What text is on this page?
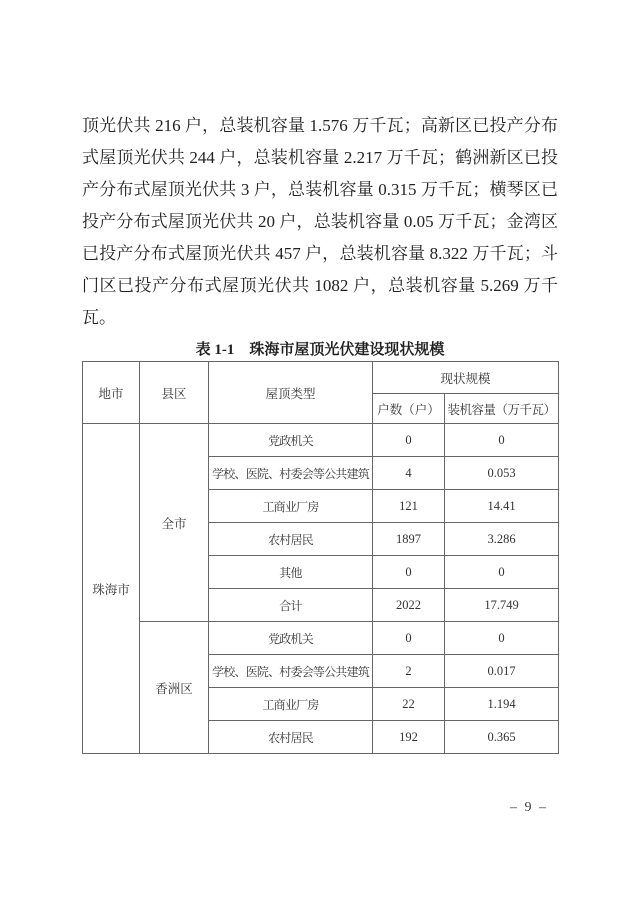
顶光伏共 216 户，总装机容量 1.576 万千瓦；高新区已投产分布
式屋顶光伏共 244 户，总装机容量 2.217 万千瓦；鹤洲新区已投
产分布式屋顶光伏共 3 户，总装机容量 0.315 万千瓦；横琴区已
投产分布式屋顶光伏共 20 户，总装机容量 0.05 万千瓦；金湾区
已投产分布式屋顶光伏共 457 户，总装机容量 8.322 万千瓦；斗
门区已投产分布式屋顶光伏共 1082 户，总装机容量 5.269 万千
瓦。
表 1-1　珠海市屋顶光伏建设现状规模
地市	县区	屋顶类型	现状规模	
			户数（户）	装机容量（万千瓦）
珠海市	全市	党政机关	0	0
		学校、医院、村委会等公共建筑	4	0.053
		工商业厂房	121	14.41
		农村居民	1897	3.286
		其他	0	0
		合计	2022	17.749
	香洲区	党政机关	0	0
		学校、医院、村委会等公共建筑	2	0.017
		工商业厂房	22	1.194
		农村居民	192	0.365
– 9 –
